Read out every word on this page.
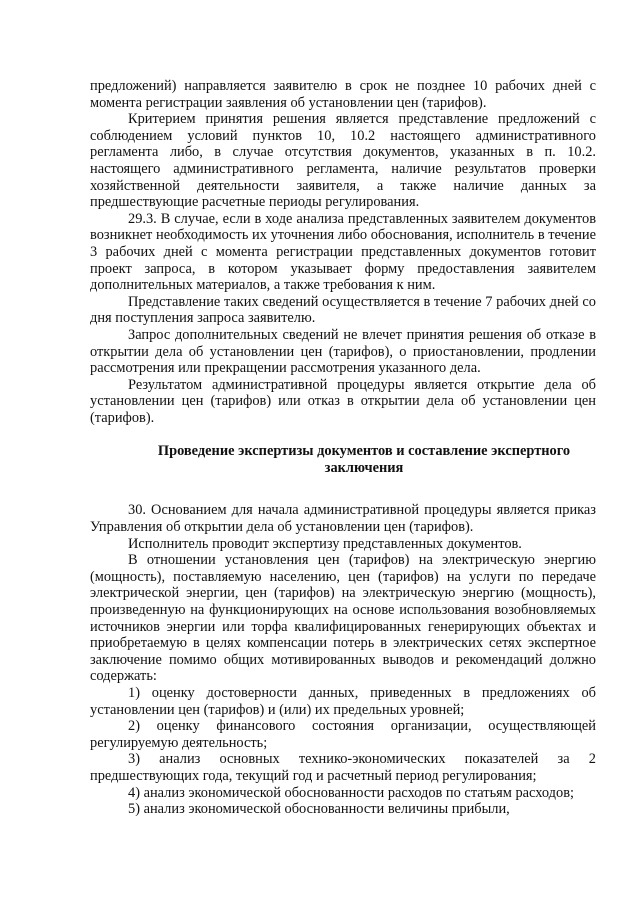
предложений) направляется заявителю в срок не позднее 10 рабочих дней с момента регистрации заявления об установлении цен (тарифов).

Критерием принятия решения является представление предложений с соблюдением условий пунктов 10, 10.2 настоящего административного регламента либо, в случае отсутствия документов, указанных в п. 10.2. настоящего административного регламента, наличие результатов проверки хозяйственной деятельности заявителя, а также наличие данных за предшествующие расчетные периоды регулирования.

29.3. В случае, если в ходе анализа представленных заявителем документов возникнет необходимость их уточнения либо обоснования, исполнитель в течение 3 рабочих дней с момента регистрации представленных документов готовит проект запроса, в котором указывает форму предоставления заявителем дополнительных материалов, а также требования к ним.

Представление таких сведений осуществляется в течение 7 рабочих дней со дня поступления запроса заявителю.

Запрос дополнительных сведений не влечет принятия решения об отказе в открытии дела об установлении цен (тарифов), о приостановлении, продлении рассмотрения или прекращении рассмотрения указанного дела.

Результатом административной процедуры является открытие дела об установлении цен (тарифов) или отказ в открытии дела об установлении цен (тарифов).

Проведение экспертизы документов и составление экспертного заключения

30. Основанием для начала административной процедуры является приказ Управления об открытии дела об установлении цен (тарифов).

Исполнитель проводит экспертизу представленных документов.

В отношении установления цен (тарифов) на электрическую энергию (мощность), поставляемую населению, цен (тарифов) на услуги по передаче электрической энергии, цен (тарифов) на электрическую энергию (мощность), произведенную на функционирующих на основе использования возобновляемых источников энергии или торфа квалифицированных генерирующих объектах и приобретаемую в целях компенсации потерь в электрических сетях экспертное заключение помимо общих мотивированных выводов и рекомендаций должно содержать:

1) оценку достоверности данных, приведенных в предложениях об установлении цен (тарифов) и (или) их предельных уровней;

2) оценку финансового состояния организации, осуществляющей регулируемую деятельность;

3) анализ основных технико-экономических показателей за 2 предшествующих года, текущий год и расчетный период регулирования;

4) анализ экономической обоснованности расходов по статьям расходов;

5) анализ экономической обоснованности величины прибыли,
